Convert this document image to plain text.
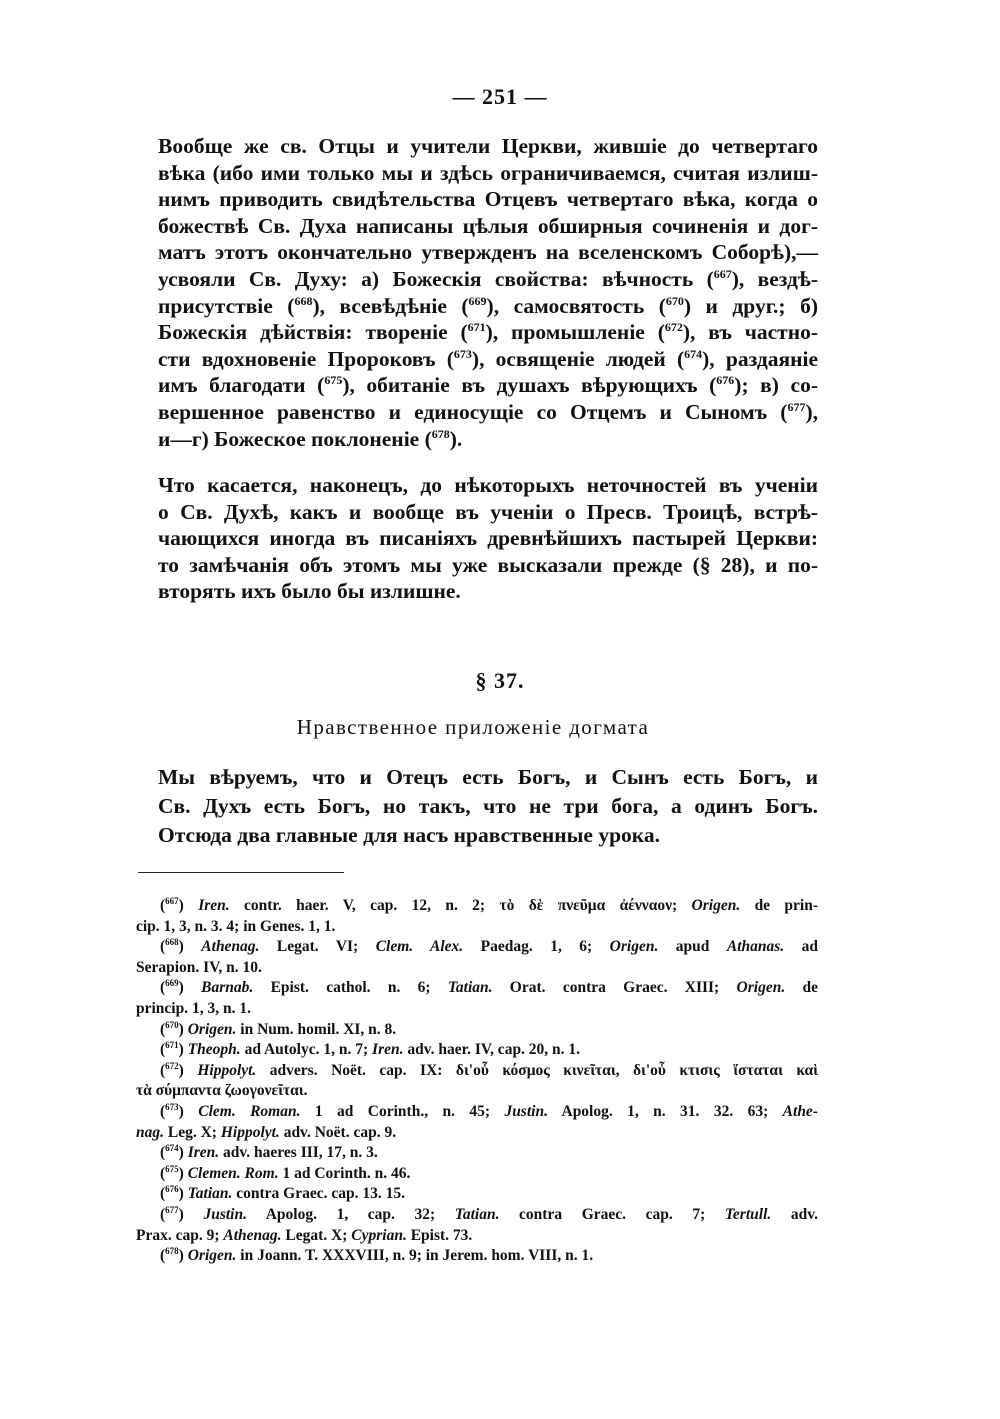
— 251 —

Вообще же св. Отцы и учители Церкви, жившіе до четвертаго
вѣка (ибо ими только мы и здѣсь ограничиваемся, считая излиш-
нимъ приводить свидѣтельства Отцевъ четвертаго вѣка, когда о
божествѣ Св. Духа написаны цѣлыя обширныя сочиненія и дог-
матъ этотъ окончательно утвержденъ на вселенскомъ Соборѣ),—
усвояли Св. Духу: а) Божескія свойства: вѣчность ($^{667}$), вездѣ-
присутствіе ($^{668}$), всевѣдѣніе ($^{669}$), самосвятость ($^{670}$) и друг.; б)
Божескія дѣйствія: твореніе ($^{671}$), промышленіе ($^{672}$), въ частно-
сти вдохновеніе Пророковъ ($^{673}$), освященіе людей ($^{674}$), раздаяніе
имъ благодати ($^{675}$), обитаніе въ душахъ вѣрующихъ ($^{676}$); в) со-
вершенное равенство и единосущіе со Отцемъ и Сыномъ ($^{677}$),
и—г) Божеское поклоненіе ($^{678}$).

Что касается, наконецъ, до нѣкоторыхъ неточностей въ ученіи
о Св. Духѣ, какъ и вообще въ ученіи о Пресв. Троицѣ, встрѣ-
чающихся иногда въ писаніяхъ древнѣйшихъ пастырей Церкви:
то замѣчанія объ этомъ мы уже высказали прежде (§ 28), и по-
вторять ихъ было бы излишне.

§ 37.
Нравственное приложеніе догмата

Мы вѣруемъ, что и Отецъ есть Богъ, и Сынъ есть Богъ, и
Св. Духъ есть Богъ, но такъ, что не три бога, а одинъ Богъ.
Отсюда два главные для насъ нравственные урока.

($^{667}$) Iren. contr. haer. V, cap. 12, n. 2; τὸ δὲ πνεῦμα ἀένναον; Origen. de prin-
cip. 1, 3, n. 3. 4; in Genes. 1, 1.
($^{668}$) Athenag. Legat. VI; Clem. Alex. Paedag. 1, 6; Origen. apud Athanas. ad
Serapion. IV, n. 10.
($^{669}$) Barnab. Epist. cathol. n. 6; Tatian. Orat. contra Graec. XIII; Origen. de
princip. 1, 3, n. 1.
($^{670}$) Origen. in Num. homil. XI, n. 8.
($^{671}$) Theoph. ad Autolyc. 1, n. 7; Iren. adv. haer. IV, cap. 20, n. 1.
($^{672}$) Hippolyt. advers. Noët. cap. IX: δι'οὗ κόσμος κινεῖται, δι'οὗ κτισις ἵσταται καὶ
τὰ σύμπαντα ζωογονεῖται.
($^{673}$) Clem. Roman. 1 ad Corinth., n. 45; Justin. Apolog. 1, n. 31. 32. 63; Athe-
nag. Leg. X; Hippolyt. adv. Noët. cap. 9.
($^{674}$) Iren. adv. haeres III, 17, n. 3.
($^{675}$) Clemen. Rom. 1 ad Corinth. n. 46.
($^{676}$) Tatian. contra Graec. cap. 13. 15.
($^{677}$) Justin. Apolog. 1, cap. 32; Tatian. contra Graec. cap. 7; Tertull. adv.
Prax. cap. 9; Athenag. Legat. X; Cyprian. Epist. 73.
($^{678}$) Origen. in Joann. T. XXXVIII, n. 9; in Jerem. hom. VIII, n. 1.
